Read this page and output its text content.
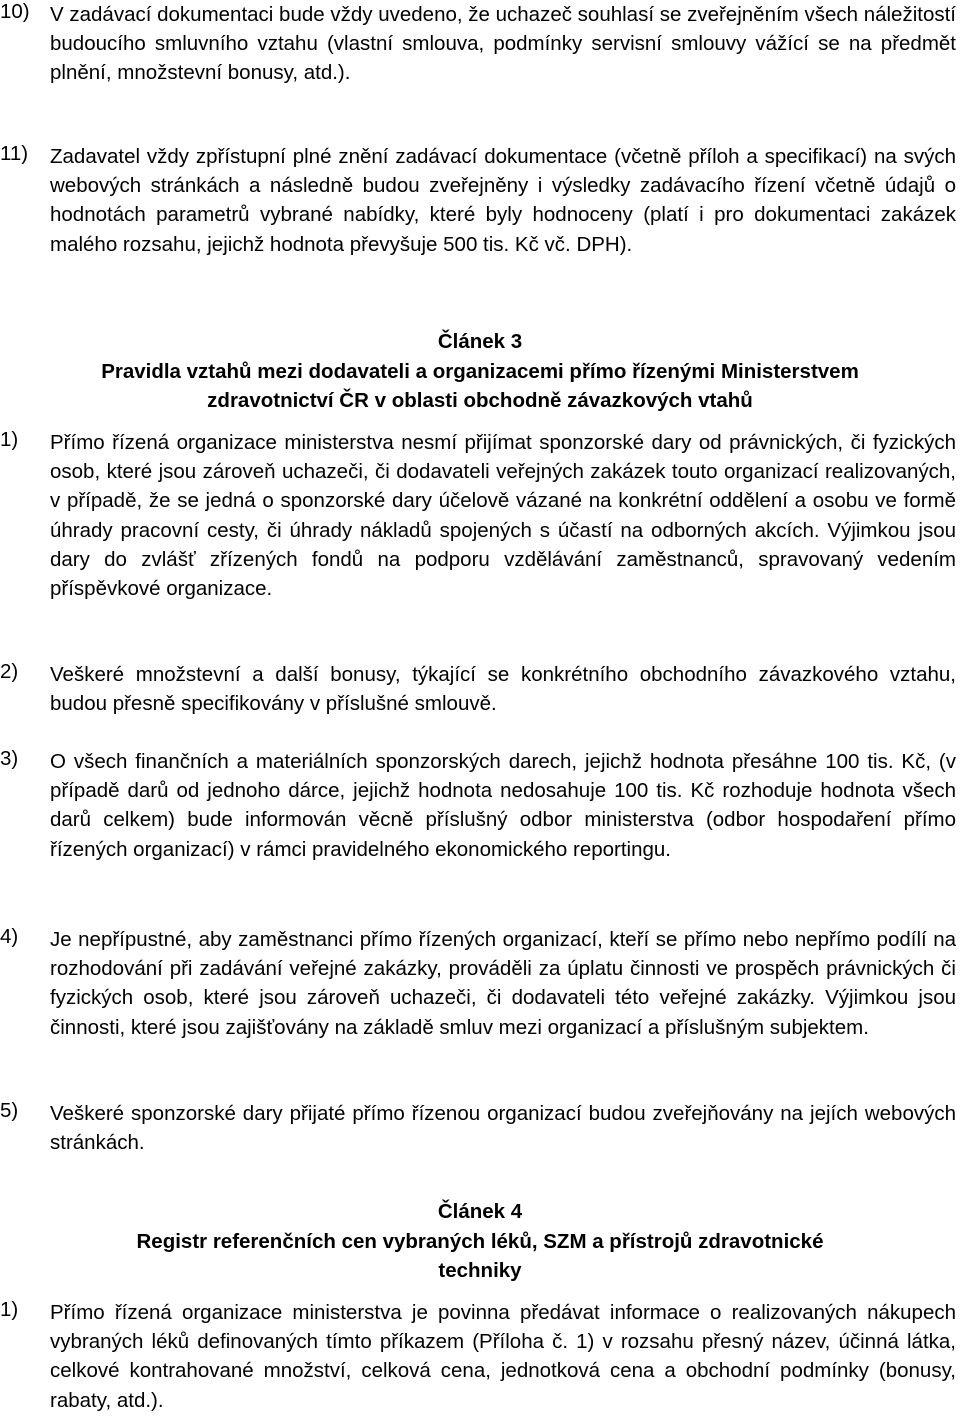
10) V zadávací dokumentaci bude vždy uvedeno, že uchazeč souhlasí se zveřejněním všech náležitostí budoucího smluvního vztahu (vlastní smlouva, podmínky servisní smlouvy vážící se na předmět plnění, množstevní bonusy, atd.).
11) Zadavatel vždy zpřístupní plné znění zadávací dokumentace (včetně příloh a specifikací) na svých webových stránkách a následně budou zveřejněny i výsledky zadávacího řízení včetně údajů o hodnotách parametrů vybrané nabídky, které byly hodnoceny (platí i pro dokumentaci zakázek malého rozsahu, jejichž hodnota převyšuje 500 tis. Kč vč. DPH).
Článek 3
Pravidla vztahů mezi dodavateli a organizacemi přímo řízenými Ministerstvem
zdravotnictví ČR v oblasti obchodně závazkových vtahů
1) Přímo řízená organizace ministerstva nesmí přijímat sponzorské dary od právnických, či fyzických osob, které jsou zároveň uchazeči, či dodavateli veřejných zakázek touto organizací realizovaných, v případě, že se jedná o sponzorské dary účelově vázané na konkrétní oddělení a osobu ve formě úhrady pracovní cesty, či úhrady nákladů spojených s účastí na odborných akcích. Výjimkou jsou dary do zvlášť zřízených fondů na podporu vzdělávání zaměstnanců, spravovaný vedením příspěvkové organizace.
2) Veškeré množstevní a další bonusy, týkající se konkrétního obchodního závazkového vztahu, budou přesně specifikovány v příslušné smlouvě.
3) O všech finančních a materiálních sponzorských darech, jejichž hodnota přesáhne 100 tis. Kč, (v případě darů od jednoho dárce, jejichž hodnota nedosahuje 100 tis. Kč rozhoduje hodnota všech darů celkem) bude informován věcně příslušný odbor ministerstva (odbor hospodaření přímo řízených organizací) v rámci pravidelného ekonomického reportingu.
4) Je nepřípustné, aby zaměstnanci přímo řízených organizací, kteří se přímo nebo nepřímo podílí na rozhodování při zadávání veřejné zakázky, prováděli za úplatu činnosti ve prospěch právnických či fyzických osob, které jsou zároveň uchazeči, či dodavateli této veřejné zakázky. Výjimkou jsou činnosti, které jsou zajišťovány na základě smluv mezi organizací a příslušným subjektem.
5) Veškeré sponzorské dary přijaté přímo řízenou organizací budou zveřejňovány na jejích webových stránkách.
Článek 4
Registr referenčních cen vybraných léků, SZM a přístrojů zdravotnické
techniky
1) Přímo řízená organizace ministerstva je povinna předávat informace o realizovaných nákupech vybraných léků definovaných tímto příkazem (Příloha č. 1) v rozsahu přesný název, účinná látka, celkové kontrahované množství, celková cena, jednotková cena a obchodní podmínky (bonusy, rabaty, atd.).
